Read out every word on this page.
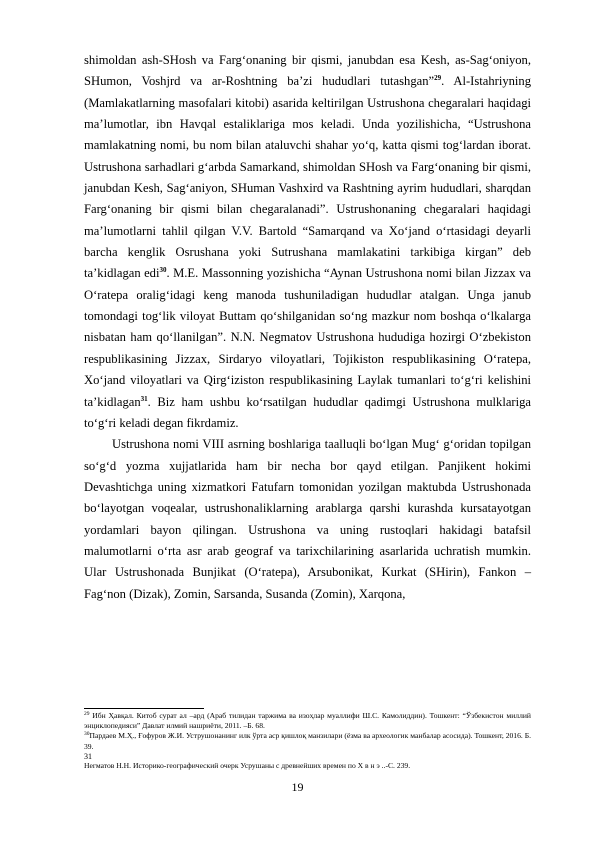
shimoldan ash-SHosh va Farg‘onaning bir qismi, janubdan esa Kesh, as-Sag‘oniyon, SHumon, Voshjrd va ar-Roshtning ba’zi hududlari tutashgan”$^{29}$. Al-Istahriyning (Mamlakatlarning masofalari kitobi) asarida keltirilgan Ustrushona chegaralari haqidagi ma’lumotlar, ibn Havqal estaliklariga mos keladi. Unda yozilishicha, “Ustrushona mamlakatning nomi, bu nom bilan ataluvchi shahar yo‘q, katta qismi tog‘lardan iborat. Ustrushona sarhadlari g‘arbda Samarkand, shimoldan SHosh va Farg‘onaning bir qismi, janubdan Kesh, Sag‘aniyon, SHuman Vashxird va Rashtning ayrim hududlari, sharqdan Farg‘onaning bir qismi bilan chegaralanadi”. Ustrushonaning chegaralari haqidagi ma’lumotlarni tahlil qilgan V.V. Bartold “Samarqand va Xo‘jand o‘rtasidagi deyarli barcha kenglik Osrushana yoki Sutrushana mamlakatini tarkibiga kirgan” deb ta’kidlagan edi$^{30}$. M.E. Massonning yozishicha “Aynan Ustrushona nomi bilan Jizzax va O‘ratepa oralig‘idagi keng manoda tushuniladigan hududlar atalgan. Unga janub tomondagi tog‘lik viloyat Buttam qo‘shilganidan so‘ng mazkur nom boshqa o‘lkalarga nisbatan ham qo‘llanilgan”. N.N. Negmatov Ustrushona hududiga hozirgi O‘zbekiston respublikasining Jizzax, Sirdaryo viloyatlari, Tojikiston respublikasining O‘ratepa, Xo‘jand viloyatlari va Qirg‘iziston respublikasining Laylak tumanlari to‘g‘ri kelishini ta’kidlagan$^{31}$. Biz ham ushbu ko‘rsatilgan hududlar qadimgi Ustrushona mulklariga to‘g‘ri keladi degan fikrdamiz.

Ustrushona nomi VIII asrning boshlariga taalluqli bo‘lgan Mug‘ g‘oridan topilgan so‘g‘d yozma xujjatlarida ham bir necha bor qayd etilgan. Panjikent hokimi Devashtichga uning xizmatkori Fatufarn tomonidan yozilgan maktubda Ustrushonada bo‘layotgan voqealar, ustrushonaliklarning arablarga qarshi kurashda kursatayotgan yordamlari bayon qilingan. Ustrushona va uning rustoqlari hakidagi batafsil malumotlarni o‘rta asr arab geograf va tarixchilarining asarlarida uchratish mumkin. Ular Ustrushonada Bunjikat (O‘ratepa), Arsubonikat, Kurkat (SHirin), Fankon – Fag‘non (Dizak), Zomin, Sarsanda, Susanda (Zomin), Xarqona,

$^{29}$ Ибн Ҳавқал. Китоб сурат ал –ард (Араб тилидан таржима ва изоҳлар муаллифи Ш.С. Камолиддин). Тошкент: “Ўзбекистон миллий энциклопедияси” Давлат илмий нашриёти, 2011. –Б. 68.

$^{30}$Пардаев М.Ҳ., Ғофуров Ж.И. Уструшонанинг илк ўрта аср қишлоқ манзилари (ёзма ва археологик манбалар асосида). Тошкент, 2016. Б. 39.

31

Негматов Н.Н. Историко-географический очерк Усрушаны с древнейших времен по X в н э ..-С. 239.

19
